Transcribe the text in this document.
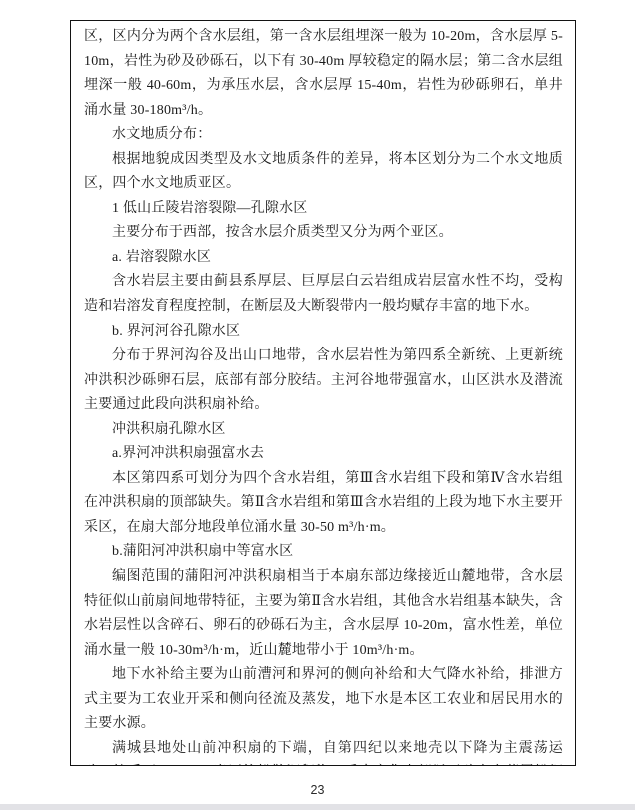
区，区内分为两个含水层组，第一含水层组埋深一般为 10-20m，含水层厚 5-10m，岩性为砂及砂砾石，以下有 30-40m 厚较稳定的隔水层；第二含水层组埋深一般 40-60m，为承压水层，含水层厚 15-40m，岩性为砂砾卵石，单井涌水量 30-180m³/h。

水文地质分布：

根据地貌成因类型及水文地质条件的差异，将本区划分为二个水文地质区，四个水文地质亚区。

1 低山丘陵岩溶裂隙—孔隙水区

主要分布于西部，按含水层介质类型又分为两个亚区。

a. 岩溶裂隙水区

含水岩层主要由蓟县系厚层、巨厚层白云岩组成岩层富水性不均，受构造和岩溶发育程度控制，在断层及大断裂带内一般均赋存丰富的地下水。

b. 界河河谷孔隙水区

分布于界河沟谷及出山口地带，含水层岩性为第四系全新统、上更新统冲洪积沙砾卵石层，底部有部分胶结。主河谷地带强富水，山区洪水及潜流主要通过此段向洪积扇补给。

冲洪积扇孔隙水区

a.界河冲洪积扇强富水去

本区第四系可划分为四个含水岩组，第Ⅲ含水岩组下段和第Ⅳ含水岩组在冲洪积扇的顶部缺失。第Ⅱ含水岩组和第Ⅲ含水岩组的上段为地下水主要开采区，在扇大部分地段单位涌水量 30-50 m³/h·m。

b.蒲阳河冲洪积扇中等富水区

编图范围的蒲阳河冲洪积扇相当于本扇东部边缘接近山麓地带，含水层特征似山前扇间地带特征，主要为第Ⅱ含水岩组，其他含水岩组基本缺失，含水岩层性以含碎石、卵石的砂砾石为主，含水层厚 10-20m，富水性差，单位涌水量一般 10-30m³/h·m，近山麓地带小于 10m³/h·m。

地下水补给主要为山前漕河和界河的侧向补给和大气降水补给，排泄方式主要为工农业开采和侧向径流及蒸发，地下水是本区工农业和居民用水的主要水源。

满城县地处山前冲积扇的下端，自第四纪以来地壳以下降为主震荡运

23
